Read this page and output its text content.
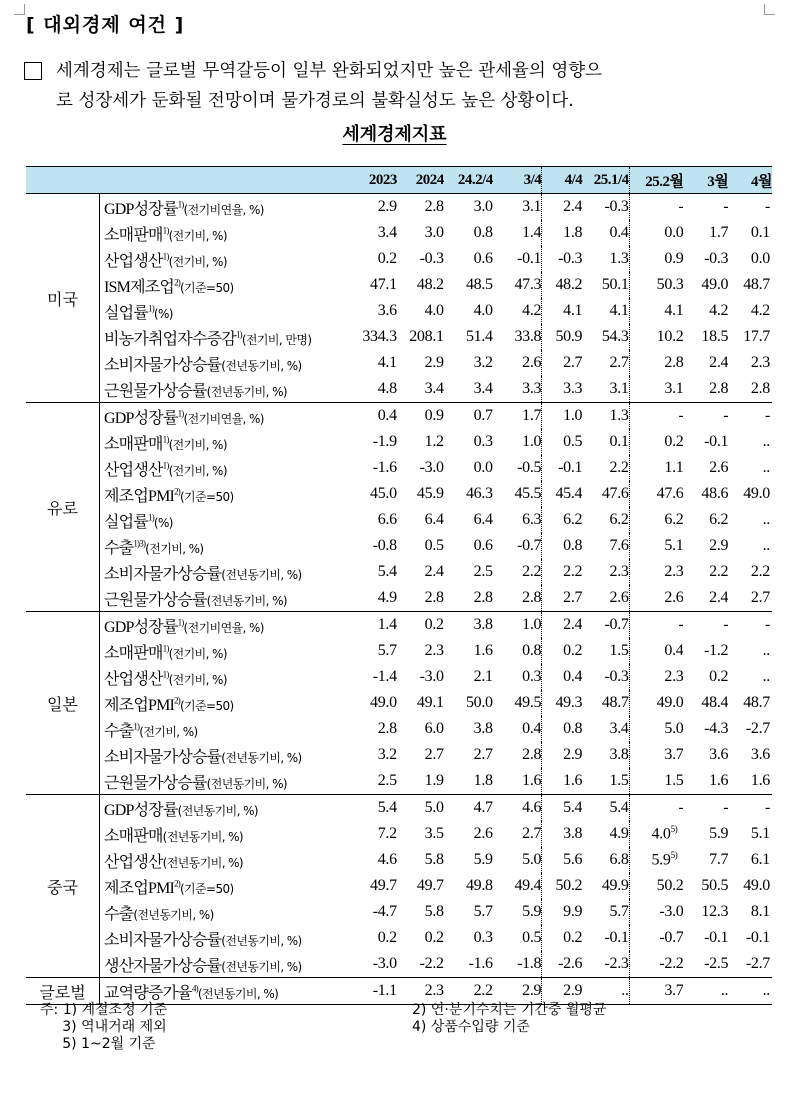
[ 대외경제 여건 ]
세계경제는 글로벌 무역갈등이 일부 완화되었지만 높은 관세율의 영향으
로 성장세가 둔화될 전망이며 물가경로의 불확실성도 높은 상황이다.
세계경제지표
		2023	2024	24.2/4	3/4	4/4	25.1/4	25.2월	3월	4월
미국	GDP성장률$^{1)}$(전기비연율, %)	2.9	2.8	3.0	3.1	2.4	-0.3	-	-	-
	소매판매$^{1)}$(전기비, %)	3.4	3.0	0.8	1.4	1.8	0.4	0.0	1.7	0.1
	산업생산$^{1)}$(전기비, %)	0.2	-0.3	0.6	-0.1	-0.3	1.3	0.9	-0.3	0.0
	ISM제조업$^{2)}$(기준=50)	47.1	48.2	48.5	47.3	48.2	50.1	50.3	49.0	48.7
	실업률$^{1)}$(%)	3.6	4.0	4.0	4.2	4.1	4.1	4.1	4.2	4.2
	비농가취업자수증감$^{1)}$(전기비, 만명)	334.3	208.1	51.4	33.8	50.9	54.3	10.2	18.5	17.7
	소비자물가상승률(전년동기비, %)	4.1	2.9	3.2	2.6	2.7	2.7	2.8	2.4	2.3
	근원물가상승률(전년동기비, %)	4.8	3.4	3.4	3.3	3.3	3.1	3.1	2.8	2.8
유로	GDP성장률$^{1)}$(전기비연율, %)	0.4	0.9	0.7	1.7	1.0	1.3	-	-	-
	소매판매$^{1)}$(전기비, %)	-1.9	1.2	0.3	1.0	0.5	0.1	0.2	-0.1	..
	산업생산$^{1)}$(전기비, %)	-1.6	-3.0	0.0	-0.5	-0.1	2.2	1.1	2.6	..
	제조업PMI$^{2)}$(기준=50)	45.0	45.9	46.3	45.5	45.4	47.6	47.6	48.6	49.0
	실업률$^{1)}$(%)	6.6	6.4	6.4	6.3	6.2	6.2	6.2	6.2	..
	수출$^{1)3)}$(전기비, %)	-0.8	0.5	0.6	-0.7	0.8	7.6	5.1	2.9	..
	소비자물가상승률(전년동기비, %)	5.4	2.4	2.5	2.2	2.2	2.3	2.3	2.2	2.2
	근원물가상승률(전년동기비, %)	4.9	2.8	2.8	2.8	2.7	2.6	2.6	2.4	2.7
일본	GDP성장률$^{1)}$(전기비연율, %)	1.4	0.2	3.8	1.0	2.4	-0.7	-	-	-
	소매판매$^{1)}$(전기비, %)	5.7	2.3	1.6	0.8	0.2	1.5	0.4	-1.2	..
	산업생산$^{1)}$(전기비, %)	-1.4	-3.0	2.1	0.3	0.4	-0.3	2.3	0.2	..
	제조업PMI$^{2)}$(기준=50)	49.0	49.1	50.0	49.5	49.3	48.7	49.0	48.4	48.7
	수출$^{1)}$(전기비, %)	2.8	6.0	3.8	0.4	0.8	3.4	5.0	-4.3	-2.7
	소비자물가상승률(전년동기비, %)	3.2	2.7	2.7	2.8	2.9	3.8	3.7	3.6	3.6
	근원물가상승률(전년동기비, %)	2.5	1.9	1.8	1.6	1.6	1.5	1.5	1.6	1.6
중국	GDP성장률(전년동기비, %)	5.4	5.0	4.7	4.6	5.4	5.4	-	-	-
	소매판매(전년동기비, %)	7.2	3.5	2.6	2.7	3.8	4.9	4.0$^{5)}$	5.9	5.1
	산업생산(전년동기비, %)	4.6	5.8	5.9	5.0	5.6	6.8	5.9$^{5)}$	7.7	6.1
	제조업PMI$^{2)}$(기준=50)	49.7	49.7	49.8	49.4	50.2	49.9	50.2	50.5	49.0
	수출(전년동기비, %)	-4.7	5.8	5.7	5.9	9.9	5.7	-3.0	12.3	8.1
	소비자물가상승률(전년동기비, %)	0.2	0.2	0.3	0.5	0.2	-0.1	-0.7	-0.1	-0.1
	생산자물가상승률(전년동기비, %)	-3.0	-2.2	-1.6	-1.8	-2.6	-2.3	-2.2	-2.5	-2.7
글로벌	교역량증가율$^{4)}$(전년동기비, %)	-1.1	2.3	2.2	2.9	2.9	..	3.7	..	..
주: 1) 계절조정 기준	2) 연·분기수치는 기간중 월평균
3) 역내거래 제외	4) 상품수입량 기준
5) 1~2월 기준
